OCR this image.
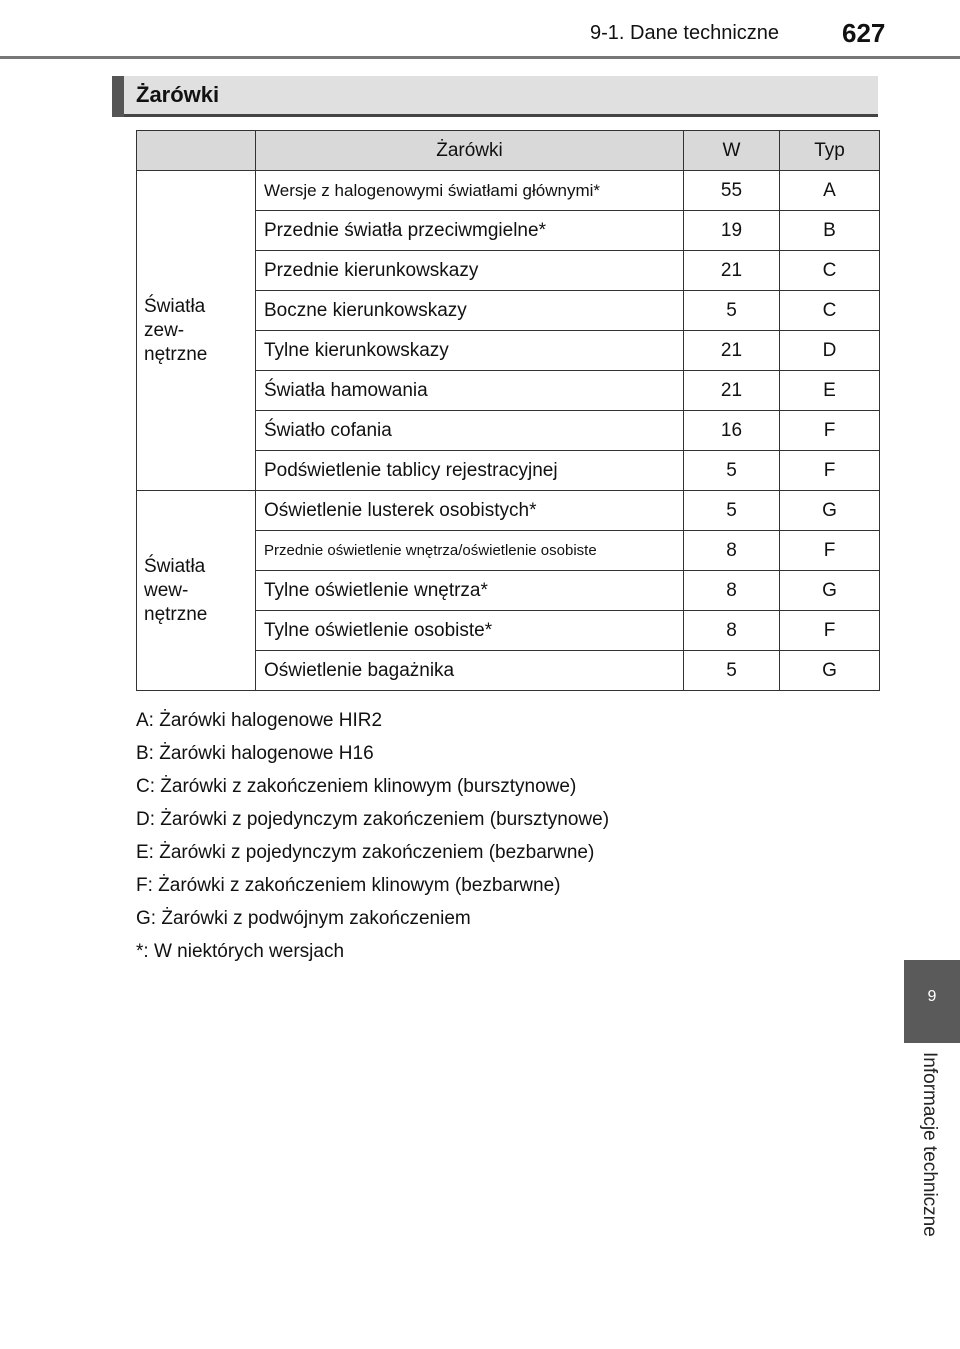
9-1. Dane techniczne 627
Żarówki
	Żarówki	W	Typ
Światła
zew-
nętrzne	Wersje z halogenowymi światłami głównymi*	55	A
	Przednie światła przeciwmgielne*	19	B
	Przednie kierunkowskazy	21	C
	Boczne kierunkowskazy	5	C
	Tylne kierunkowskazy	21	D
	Światła hamowania	21	E
	Światło cofania	16	F
	Podświetlenie tablicy rejestracyjnej	5	F
Światła
wew-
nętrzne	Oświetlenie lusterek osobistych*	5	G
	Przednie oświetlenie wnętrza/oświetlenie osobiste	8	F
	Tylne oświetlenie wnętrza*	8	G
	Tylne oświetlenie osobiste*	8	F
	Oświetlenie bagażnika	5	G
A: Żarówki halogenowe HIR2
B: Żarówki halogenowe H16
C: Żarówki z zakończeniem klinowym (bursztynowe)
D: Żarówki z pojedynczym zakończeniem (bursztynowe)
E: Żarówki z pojedynczym zakończeniem (bezbarwne)
F: Żarówki z zakończeniem klinowym (bezbarwne)
G: Żarówki z podwójnym zakończeniem
*: W niektórych wersjach
9
Informacje techniczne
